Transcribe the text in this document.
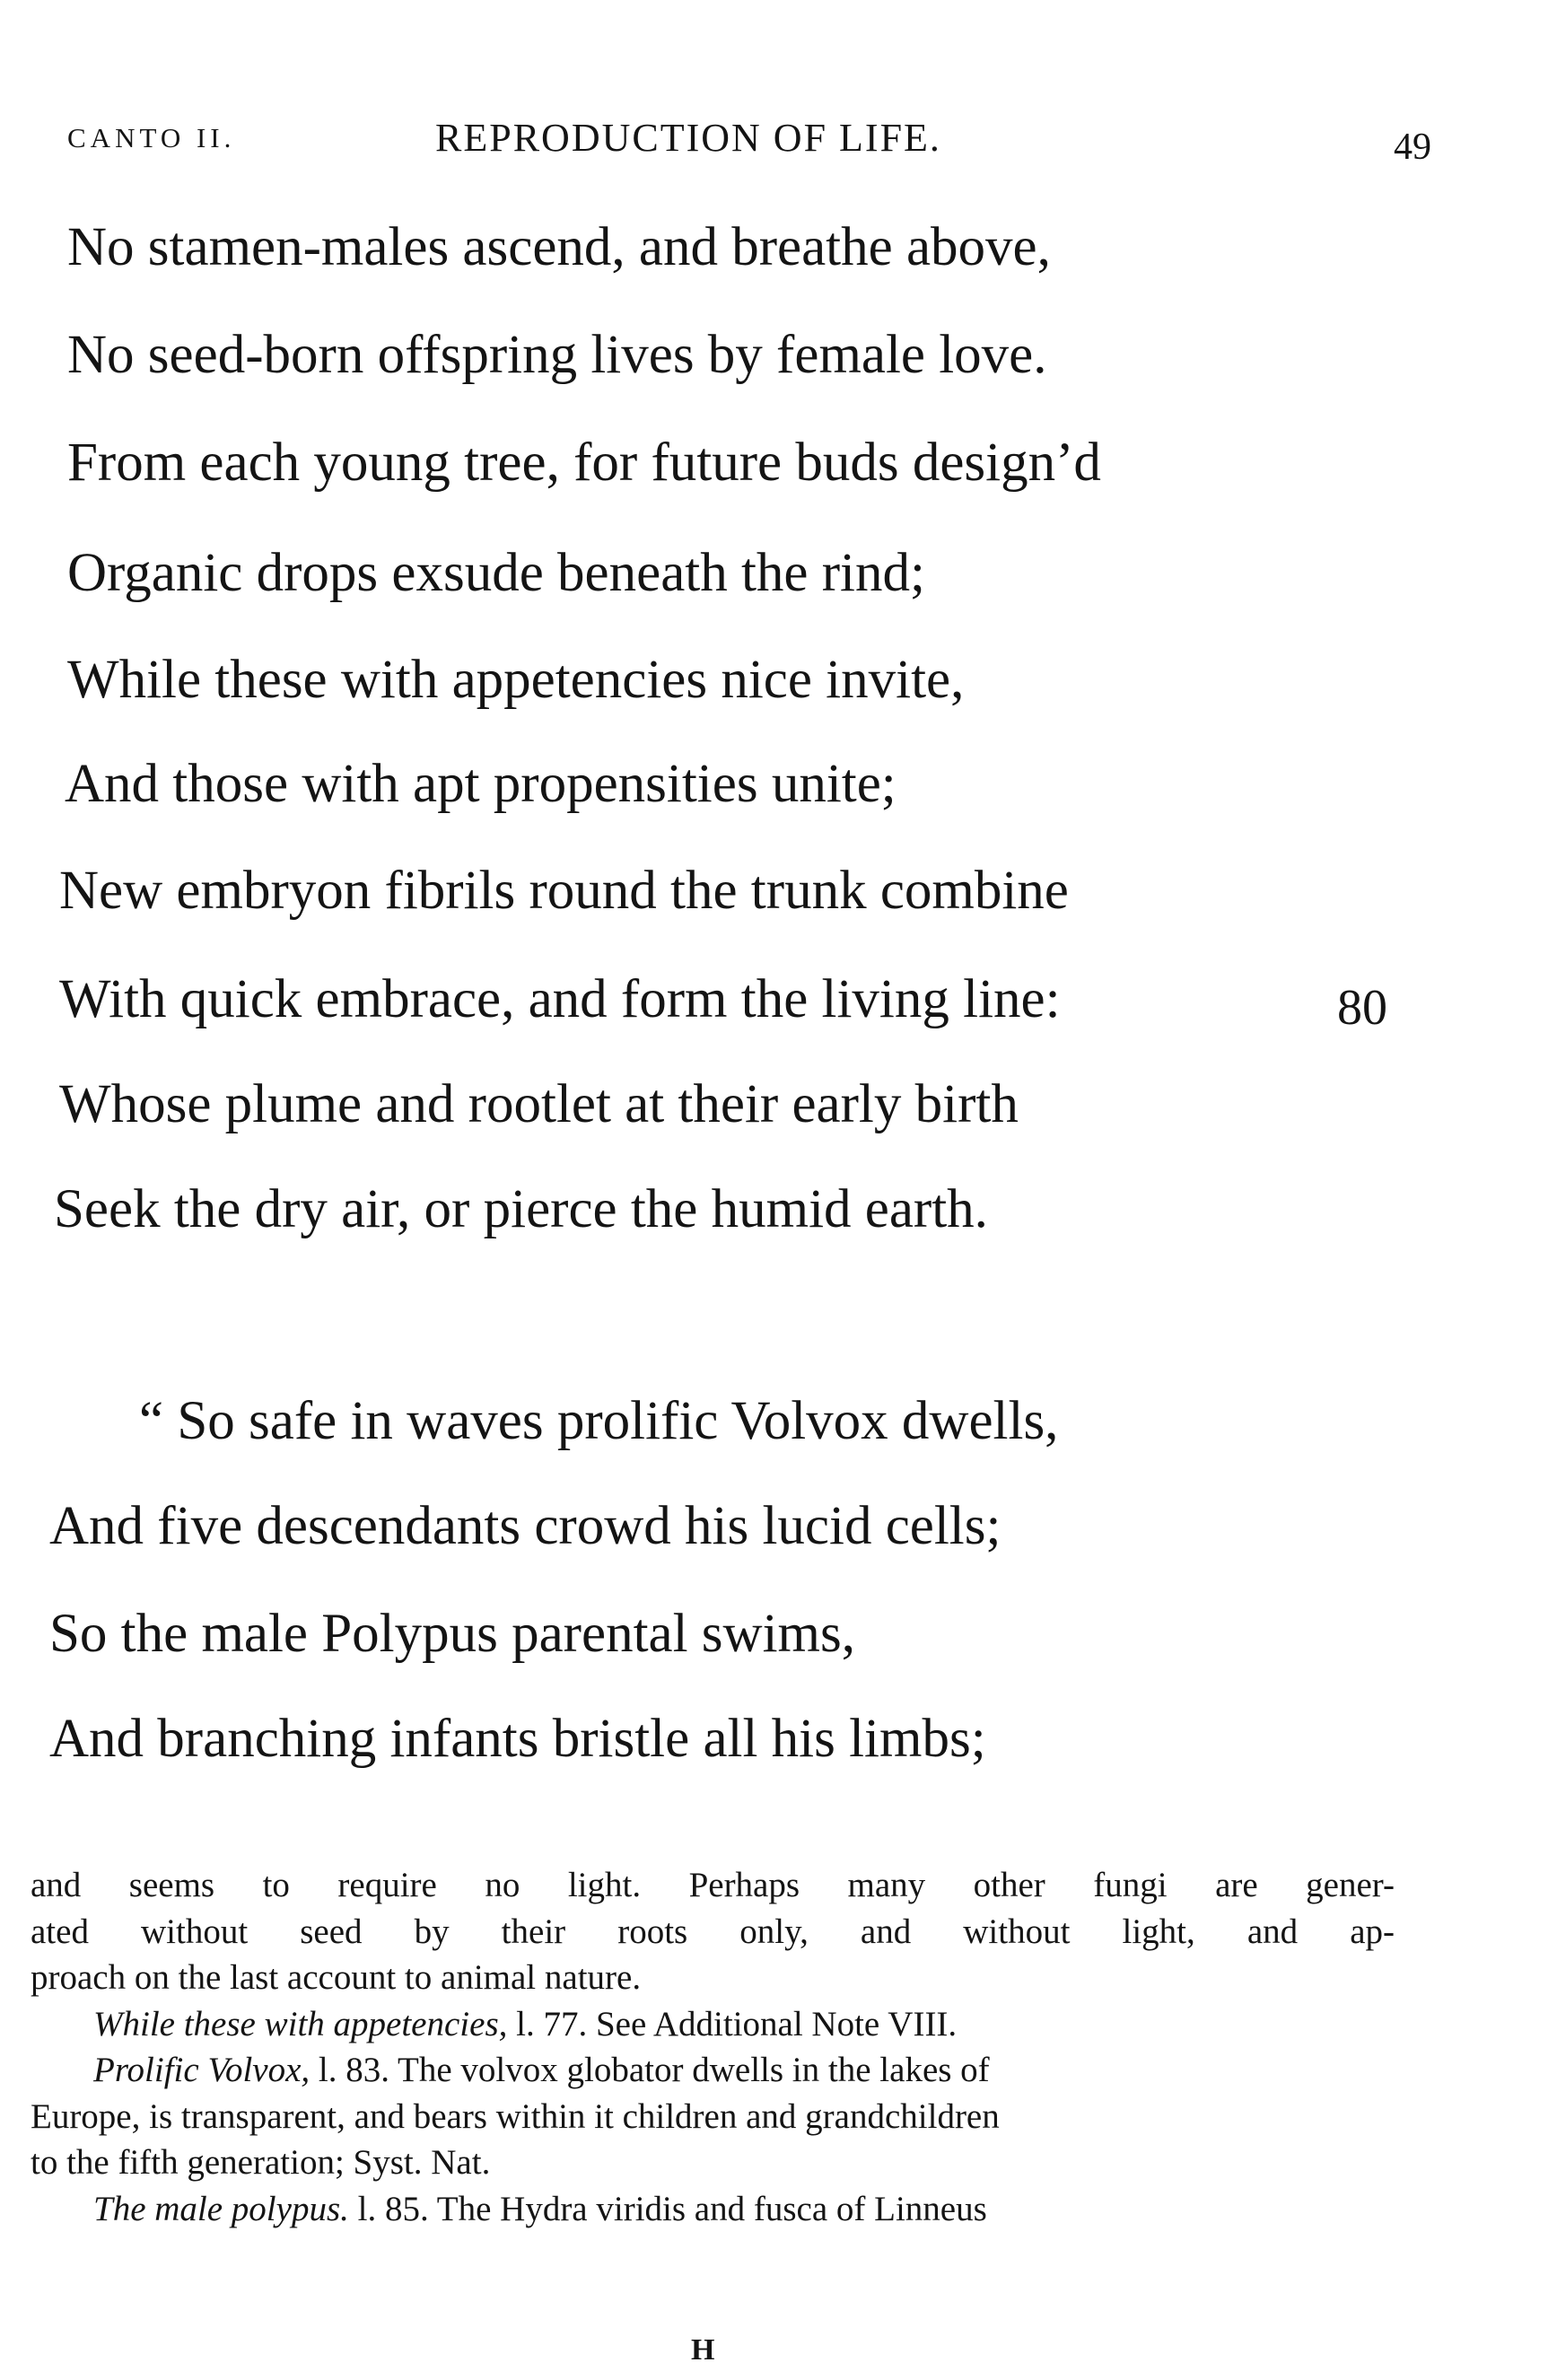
CANTO II.	REPRODUCTION OF LIFE.	49
No stamen-males ascend, and breathe above,
No seed-born offspring lives by female love.
From each young tree, for future buds design’d
Organic drops exsude beneath the rind;
While these with appetencies nice invite,
And those with apt propensities unite;
New embryon fibrils round the trunk combine
With quick embrace, and form the living line:
Whose plume and rootlet at their early birth
Seek the dry air, or pierce the humid earth.
80
“ So safe in waves prolific Volvox dwells,
And five descendants crowd his lucid cells;
So the male Polypus parental swims,
And branching infants bristle all his limbs;
and seems to require no light. Perhaps many other fungi are gener-
ated without seed by their roots only, and without light, and ap-
proach on the last account to animal nature.
While these with appetencies, l. 77. See Additional Note VIII.
Prolific Volvox, l. 83. The volvox globator dwells in the lakes of
Europe, is transparent, and bears within it children and grandchildren
to the fifth generation; Syst. Nat.
The male polypus. l. 85. The Hydra viridis and fusca of Linneus
H
